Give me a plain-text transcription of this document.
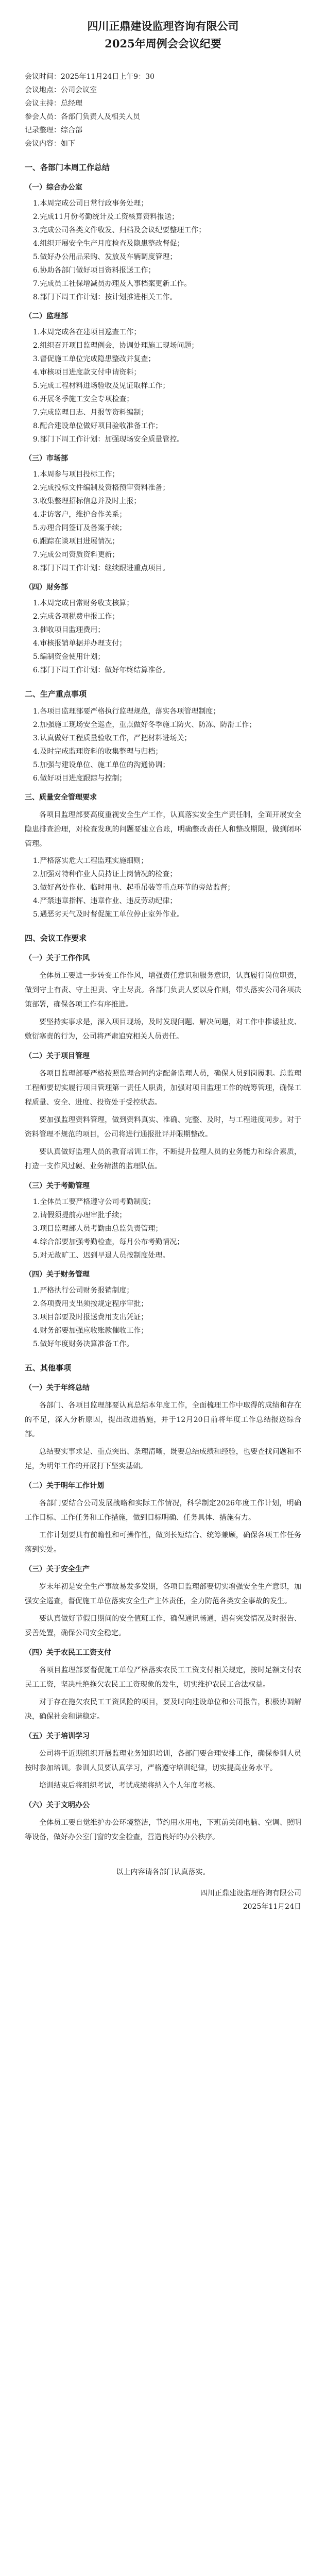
四川正鼎建设监理咨询有限公司
2025年周例会会议纪要

会议时间：2025年11月24日上午9：30

会议地点：公司会议室

会议主持：总经理

参会人员：各部门负责人及相关人员

记录整理：综合部

会议内容：如下

一、各部门本周工作总结
（一）综合办公室

1.本周完成公司日常行政事务处理；

2.完成11月份考勤统计及工资核算资料报送；

3.完成公司各类文件收发、归档及会议纪要整理工作；

4.组织开展安全生产月度检查及隐患整改督促；

5.做好办公用品采购、发放及车辆调度管理；

6.协助各部门做好项目资料报送工作；

7.完成员工社保增减员办理及人事档案更新工作。

8.部门下周工作计划：按计划推进相关工作。

（二）监理部

1.本周完成各在建项目巡查工作；

2.组织召开项目监理例会，协调处理施工现场问题；

3.督促施工单位完成隐患整改并复查；

4.审核项目进度款支付申请资料；

5.完成工程材料进场验收及见证取样工作；

6.开展冬季施工安全专项检查；

7.完成监理日志、月报等资料编制；

8.配合建设单位做好项目验收准备工作；

9.部门下周工作计划：加强现场安全质量管控。

（三）市场部

1.本周参与项目投标工作；

2.完成投标文件编制及资格预审资料准备；

3.收集整理招标信息并及时上报；

4.走访客户，维护合作关系；

5.办理合同签订及备案手续；

6.跟踪在谈项目进展情况；

7.完成公司资质资料更新；

8.部门下周工作计划：继续跟进重点项目。

（四）财务部

1.本周完成日常财务收支核算；

2.完成各项税费申报工作；

3.催收项目监理费用；

4.审核报销单据并办理支付；

5.编制资金使用计划；

6.部门下周工作计划：做好年终结算准备。

二、生产重点事项

1.各项目监理部要严格执行监理规范，落实各项管理制度；

2.加强施工现场安全巡查，重点做好冬季施工防火、防冻、防滑工作；

3.认真做好工程质量验收工作，严把材料进场关；

4.及时完成监理资料的收集整理与归档；

5.加强与建设单位、施工单位的沟通协调；

6.做好项目进度跟踪与控制；

三、质量安全管理要求

各项目监理部要高度重视安全生产工作，认真落实安全生产责任制，全面开展安全隐患排查治理，对检查发现的问题要建立台账，明确整改责任人和整改期限，做到闭环管理。

1.严格落实危大工程监理实施细则；

2.加强对特种作业人员持证上岗情况的检查；

3.做好高处作业、临时用电、起重吊装等重点环节的旁站监督；

4.严禁违章指挥、违章作业、违反劳动纪律；

5.遇恶劣天气及时督促施工单位停止室外作业。

四、会议工作要求
（一）关于工作作风

全体员工要进一步转变工作作风，增强责任意识和服务意识，认真履行岗位职责，做到守土有责、守土担责、守土尽责。各部门负责人要以身作则，带头落实公司各项决策部署，确保各项工作有序推进。

要坚持实事求是，深入项目现场，及时发现问题、解决问题，对工作中推诿扯皮、敷衍塞责的行为，公司将严肃追究相关人员责任。

（二）关于项目管理

各项目监理部要严格按照监理合同约定配备监理人员，确保人员到岗履职。总监理工程师要切实履行项目管理第一责任人职责，加强对项目监理工作的统筹管理，确保工程质量、安全、进度、投资处于受控状态。

要加强监理资料管理，做到资料真实、准确、完整、及时，与工程进度同步。对于资料管理不规范的项目，公司将进行通报批评并限期整改。

要认真做好监理人员的教育培训工作，不断提升监理人员的业务能力和综合素质，打造一支作风过硬、业务精湛的监理队伍。

（三）关于考勤管理

1.全体员工要严格遵守公司考勤制度；

2.请假须提前办理审批手续；

3.项目监理部人员考勤由总监负责管理；

4.综合部要加强考勤检查，每月公布考勤情况；

5.对无故旷工、迟到早退人员按制度处理。

（四）关于财务管理

1.严格执行公司财务报销制度；

2.各项费用支出须按规定程序审批；

3.项目部要及时报送费用支出凭证；

4.财务部要加强应收账款催收工作；

5.做好年度财务决算准备工作。

五、其他事项
（一）关于年终总结

各部门、各项目监理部要认真总结本年度工作，全面梳理工作中取得的成绩和存在的不足，深入分析原因，提出改进措施，并于12月20日前将年度工作总结报送综合部。

总结要实事求是、重点突出、条理清晰，既要总结成绩和经验，也要查找问题和不足，为明年工作的开展打下坚实基础。

（二）关于明年工作计划

各部门要结合公司发展战略和实际工作情况，科学制定2026年度工作计划，明确工作目标、工作任务和工作措施，做到目标明确、任务具体、措施有力。

工作计划要具有前瞻性和可操作性，做到长短结合、统筹兼顾，确保各项工作任务落到实处。

（三）关于安全生产

岁末年初是安全生产事故易发多发期，各项目监理部要切实增强安全生产意识，加强安全巡查，督促施工单位落实安全生产主体责任，全力防范各类安全事故的发生。

要认真做好节假日期间的安全值班工作，确保通讯畅通，遇有突发情况及时报告、妥善处置，确保公司安全稳定。

（四）关于农民工工资支付

各项目监理部要督促施工单位严格落实农民工工资支付相关规定，按时足额支付农民工工资，坚决杜绝拖欠农民工工资现象的发生，切实维护农民工合法权益。

对于存在拖欠农民工工资风险的项目，要及时向建设单位和公司报告，积极协调解决，确保社会和谐稳定。

（五）关于培训学习

公司将于近期组织开展监理业务知识培训，各部门要合理安排工作，确保参训人员按时参加培训。参训人员要认真学习，严格遵守培训纪律，切实提高业务水平。

培训结束后将组织考试，考试成绩将纳入个人年度考核。

（六）关于文明办公

全体员工要自觉维护办公环境整洁，节约用水用电，下班前关闭电脑、空调、照明等设备，做好办公室门窗的安全检查，营造良好的办公秩序。

以上内容请各部门认真落实。

四川正鼎建设监理咨询有限公司

2025年11月24日
